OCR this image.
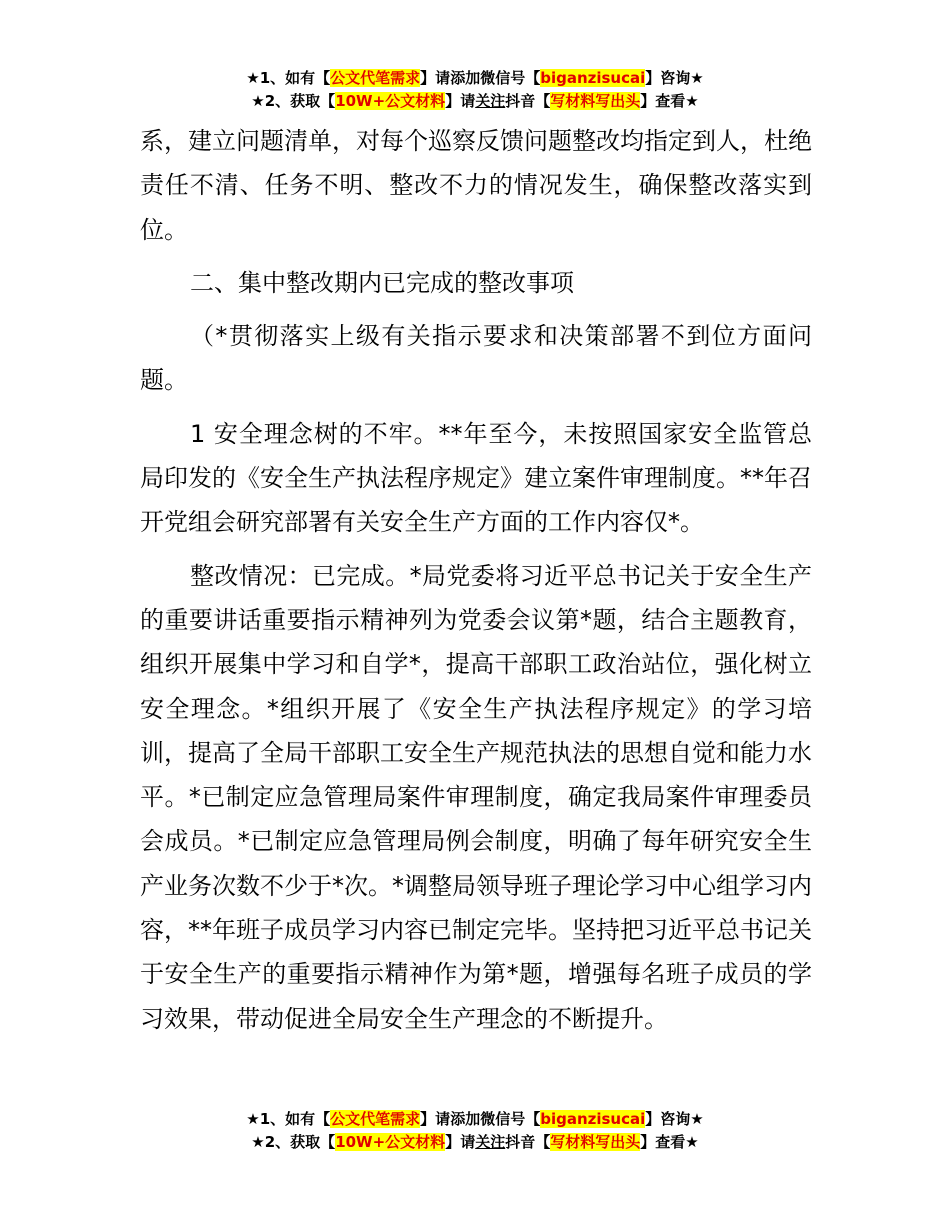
★1、如有【公文代笔需求】请添加微信号【biganzisucai】咨询★
★2、获取【10W+公文材料】请关注抖音【写材料写出头】查看★

系，建立问题清单，对每个巡察反馈问题整改均指定到人，杜绝责任不清、任务不明、整改不力的情况发生，确保整改落实到位。

二、集中整改期内已完成的整改事项

（*贯彻落实上级有关指示要求和决策部署不到位方面问题。

1 安全理念树的不牢。**年至今，未按照国家安全监管总局印发的《安全生产执法程序规定》建立案件审理制度。**年召开党组会研究部署有关安全生产方面的工作内容仅*。

整改情况：已完成。*局党委将习近平总书记关于安全生产的重要讲话重要指示精神列为党委会议第*题，结合主题教育，组织开展集中学习和自学*，提高干部职工政治站位，强化树立安全理念。*组织开展了《安全生产执法程序规定》的学习培训，提高了全局干部职工安全生产规范执法的思想自觉和能力水平。*已制定应急管理局案件审理制度，确定我局案件审理委员会成员。*已制定应急管理局例会制度，明确了每年研究安全生产业务次数不少于*次。*调整局领导班子理论学习中心组学习内容，**年班子成员学习内容已制定完毕。坚持把习近平总书记关于安全生产的重要指示精神作为第*题，增强每名班子成员的学习效果，带动促进全局安全生产理念的不断提升。

★1、如有【公文代笔需求】请添加微信号【biganzisucai】咨询★
★2、获取【10W+公文材料】请关注抖音【写材料写出头】查看★
